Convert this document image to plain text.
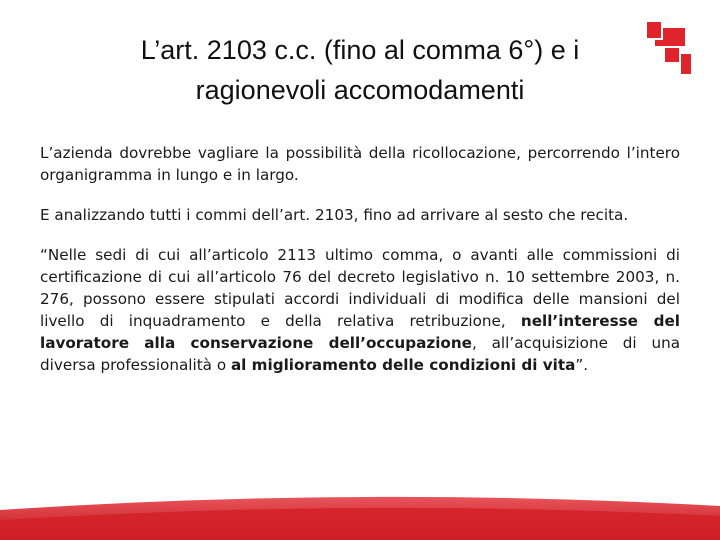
L’art. 2103 c.c. (fino al comma 6°) e i
ragionevoli accomodamenti

L’azienda dovrebbe vagliare la possibilità della ricollocazione, percorrendo l’intero organigramma in lungo e in largo.

E analizzando tutti i commi dell’art. 2103, fino ad arrivare al sesto che recita.

“Nelle sedi di cui all’articolo 2113 ultimo comma, o avanti alle commissioni di certificazione di cui all’articolo 76 del decreto legislativo n. 10 settembre 2003, n. 276, possono essere stipulati accordi individuali di modifica delle mansioni del livello di inquadramento e della relativa retribuzione, nell’interesse del lavoratore alla conservazione dell’occupazione, all’acquisizione di una diversa professionalità o al miglioramento delle condizioni di vita”.
